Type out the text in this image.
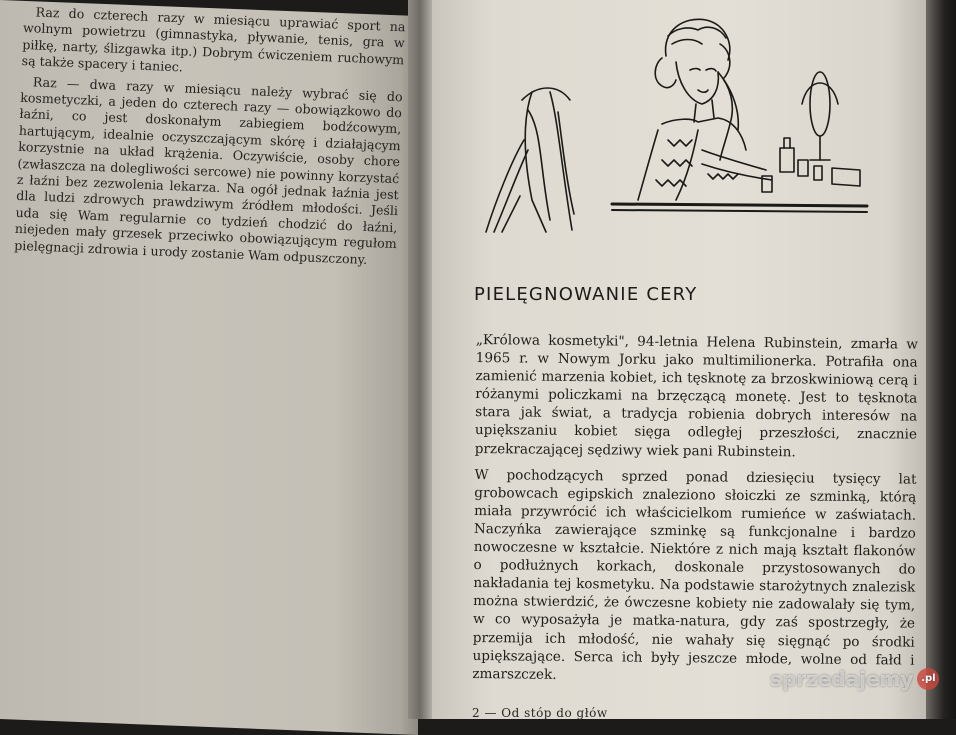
Raz do czterech razy w miesiącu uprawiać sport na wolnym powietrzu (gimnastyka, pływanie, tenis, gra w piłkę, narty, ślizgawka itp.) Dobrym ćwiczeniem ruchowym są także spacery i taniec.

Raz — dwa razy w miesiącu należy wybrać się do kosmetyczki, a jeden do czterech razy — obowiązkowo do łaźni, co jest doskonałym zabiegiem bodźcowym, hartującym, idealnie oczyszczającym skórę i działającym korzystnie na układ krążenia. Oczywiście, osoby chore (zwłaszcza na dolegliwości sercowe) nie powinny korzystać z łaźni bez zezwolenia lekarza. Na ogół jednak łaźnia jest dla ludzi zdrowych prawdziwym źródłem młodości. Jeśli uda się Wam regularnie co tydzień chodzić do łaźni, niejeden mały grzesek przeciwko obowiązującym regułom pielęgnacji zdrowia i urody zostanie Wam odpuszczony.

PIELĘGNOWANIE CERY

„Królowa kosmetyki", 94-letnia Helena Rubinstein, zmarła w 1965 r. w Nowym Jorku jako multimilionerka. Potrafiła ona zamienić marzenia kobiet, ich tęsknotę za brzoskwiniową cerą i różanymi policzkami na brzęczącą monetę. Jest to tęsknota stara jak świat, a tradycja robienia dobrych interesów na upiększaniu kobiet sięga odległej przeszłości, znacznie przekraczającej sędziwy wiek pani Rubinstein.

W pochodzących sprzed ponad dziesięciu tysięcy lat grobowcach egipskich znaleziono słoiczki ze szminką, którą miała przywrócić ich właścicielkom rumieńce w zaświatach. Naczyńka zawierające szminkę są funkcjonalne i bardzo nowoczesne w kształcie. Niektóre z nich mają kształt flakonów o podłużnych korkach, doskonale przystosowanych do nakładania tej kosmetyku. Na podstawie starożytnych znalezisk można stwierdzić, że ówczesne kobiety nie zadowalały się tym, w co wyposażyła je matka-natura, gdy zaś spostrzegły, że przemija ich młodość, nie wahały się sięgnąć po środki upiększające. Serca ich były jeszcze młode, wolne od fałd i zmarszczek.

2 — Od stóp do głów
sprzedajemy .pl
